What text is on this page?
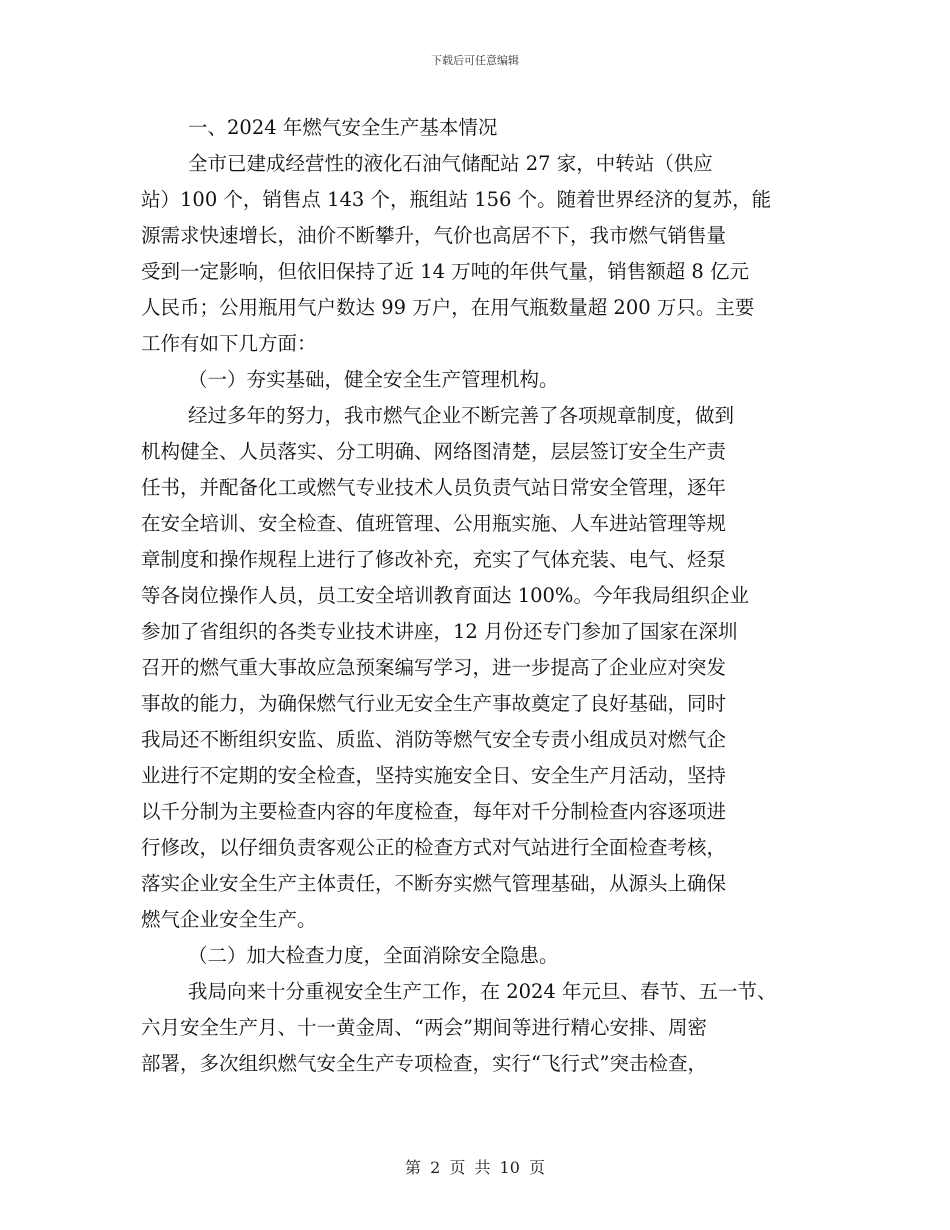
下载后可任意编辑
一、2024 年燃气安全生产基本情况
全市已建成经营性的液化石油气储配站 27 家，中转站（供应
站）100 个，销售点 143 个，瓶组站 156 个。随着世界经济的复苏，能
源需求快速增长，油价不断攀升，气价也高居不下，我市燃气销售量
受到一定影响，但依旧保持了近 14 万吨的年供气量，销售额超 8 亿元
人民币；公用瓶用气户数达 99 万户，在用气瓶数量超 200 万只。主要
工作有如下几方面：
（一）夯实基础，健全安全生产管理机构。
经过多年的努力，我市燃气企业不断完善了各项规章制度，做到
机构健全、人员落实、分工明确、网络图清楚，层层签订安全生产责
任书，并配备化工或燃气专业技术人员负责气站日常安全管理，逐年
在安全培训、安全检查、值班管理、公用瓶实施、人车进站管理等规
章制度和操作规程上进行了修改补充，充实了气体充装、电气、烃泵
等各岗位操作人员，员工安全培训教育面达 100%。今年我局组织企业
参加了省组织的各类专业技术讲座，12 月份还专门参加了国家在深圳
召开的燃气重大事故应急预案编写学习，进一步提高了企业应对突发
事故的能力，为确保燃气行业无安全生产事故奠定了良好基础，同时
我局还不断组织安监、质监、消防等燃气安全专责小组成员对燃气企
业进行不定期的安全检查，坚持实施安全日、安全生产月活动，坚持
以千分制为主要检查内容的年度检查，每年对千分制检查内容逐项进
行修改，以仔细负责客观公正的检查方式对气站进行全面检查考核，
落实企业安全生产主体责任，不断夯实燃气管理基础，从源头上确保
燃气企业安全生产。
（二）加大检查力度，全面消除安全隐患。
我局向来十分重视安全生产工作，在 2024 年元旦、春节、五一节、
六月安全生产月、十一黄金周、“两会”期间等进行精心安排、周密
部署，多次组织燃气安全生产专项检查，实行“飞行式”突击检查，
第 2 页 共 10 页
